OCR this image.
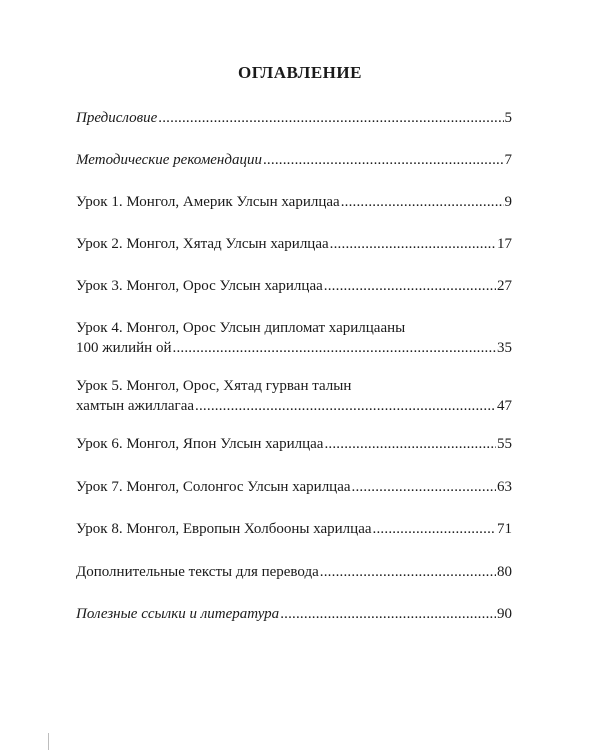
ОГЛАВЛЕНИЕ
Предисловие .....	5
Методические рекомендации .....	7
Урок 1. Монгол, Америк Улсын харилцаа .....	9
Урок 2. Монгол, Хятад Улсын харилцаа .....	17
Урок 3. Монгол, Орос Улсын харилцаа .....	27
Урок 4. Монгол, Орос Улсын дипломат харилцааны
100 жилийн ой .....	35
Урок 5. Монгол, Орос, Хятад гурван талын
хамтын ажиллагаа .....	47
Урок 6. Монгол, Япон Улсын харилцаа .....	55
Урок 7. Монгол, Солонгос Улсын харилцаа .....	63
Урок 8. Монгол, Европын Холбооны харилцаа .....	71
Дополнительные тексты для перевода .....	80
Полезные ссылки и литература .....	90
